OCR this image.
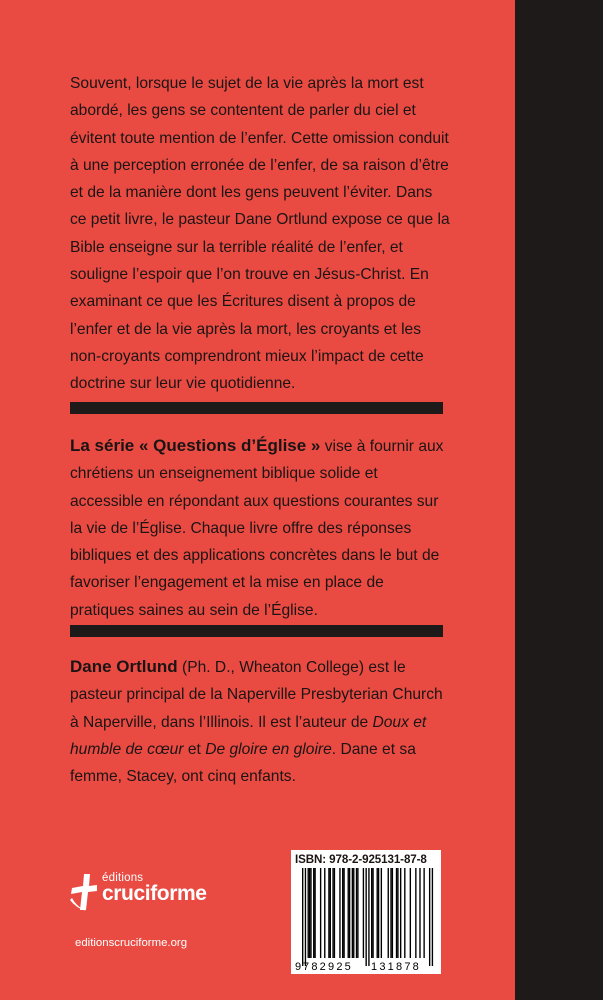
Souvent, lorsque le sujet de la vie après la mort est abordé, les gens se contentent de parler du ciel et évitent toute mention de l’enfer. Cette omission conduit à une perception erronée de l’enfer, de sa raison d’être et de la manière dont les gens peuvent l’éviter. Dans ce petit livre, le pasteur Dane Ortlund expose ce que la Bible enseigne sur la terrible réalité de l’enfer, et souligne l’espoir que l’on trouve en Jésus-Christ. En examinant ce que les Écritures disent à propos de l’enfer et de la vie après la mort, les croyants et les non-croyants comprendront mieux l’impact de cette doctrine sur leur vie quotidienne.

La série « Questions d’Église » vise à fournir aux chrétiens un enseignement biblique solide et accessible en répondant aux questions courantes sur la vie de l’Église. Chaque livre offre des réponses bibliques et des applications concrètes dans le but de favoriser l’engagement et la mise en place de pratiques saines au sein de l’Église.

Dane Ortlund (Ph. D., Wheaton College) est le pasteur principal de la Naperville Presbyterian Church à Naperville, dans l’Illinois. Il est l’auteur de Doux et humble de cœur et De gloire en gloire. Dane et sa femme, Stacey, ont cinq enfants.

éditions
cruciforme
editionscruciforme.org
ISBN: 978-2-925131-87-8
9 782925 131878
